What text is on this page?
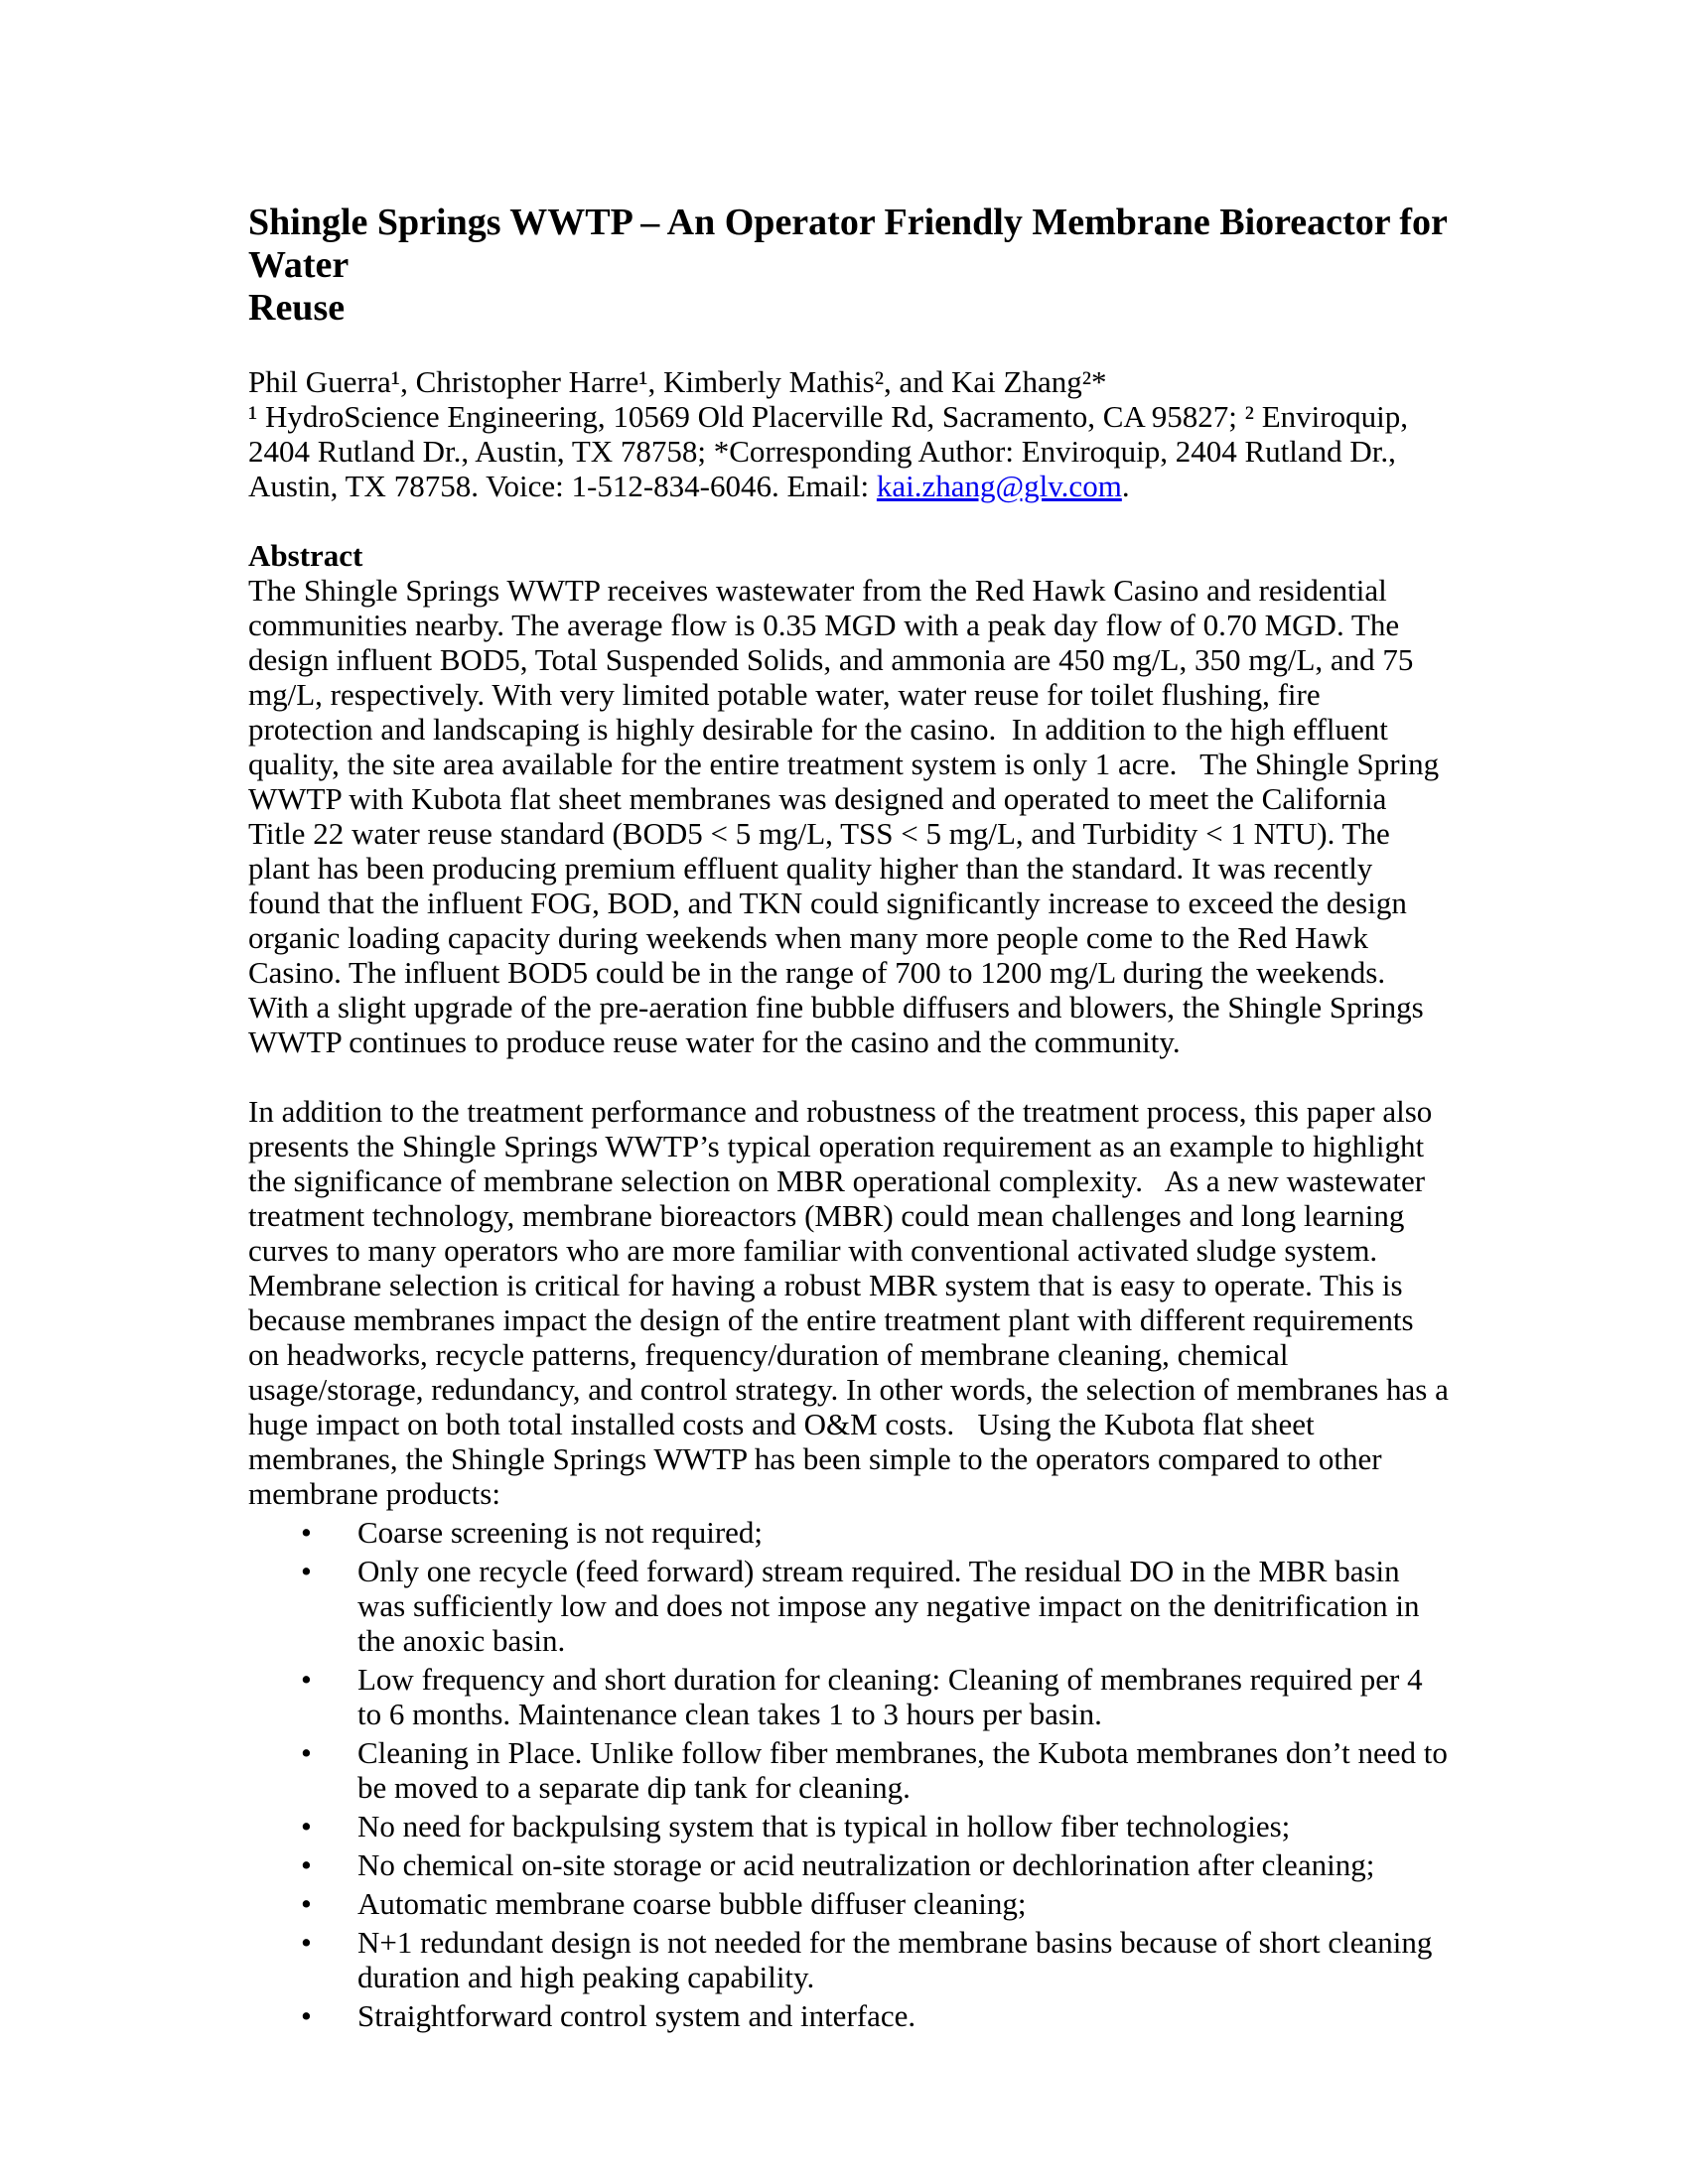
Shingle Springs WWTP – An Operator Friendly Membrane Bioreactor for Water
Reuse

Phil Guerra¹, Christopher Harre¹, Kimberly Mathis², and Kai Zhang²*

¹ HydroScience Engineering, 10569 Old Placerville Rd, Sacramento, CA 95827; ² Enviroquip, 2404 Rutland Dr., Austin, TX 78758; *Corresponding Author: Enviroquip, 2404 Rutland Dr., Austin, TX 78758. Voice: 1-512-834-6046. Email: kai.zhang@glv.com.

Abstract

The Shingle Springs WWTP receives wastewater from the Red Hawk Casino and residential communities nearby. The average flow is 0.35 MGD with a peak day flow of 0.70 MGD. The design influent BOD5, Total Suspended Solids, and ammonia are 450 mg/L, 350 mg/L, and 75 mg/L, respectively. With very limited potable water, water reuse for toilet flushing, fire protection and landscaping is highly desirable for the casino.  In addition to the high effluent quality, the site area available for the entire treatment system is only 1 acre.   The Shingle Spring WWTP with Kubota flat sheet membranes was designed and operated to meet the California Title 22 water reuse standard (BOD5 < 5 mg/L, TSS < 5 mg/L, and Turbidity < 1 NTU). The plant has been producing premium effluent quality higher than the standard. It was recently found that the influent FOG, BOD, and TKN could significantly increase to exceed the design organic loading capacity during weekends when many more people come to the Red Hawk Casino. The influent BOD5 could be in the range of 700 to 1200 mg/L during the weekends. With a slight upgrade of the pre-aeration fine bubble diffusers and blowers, the Shingle Springs WWTP continues to produce reuse water for the casino and the community.

In addition to the treatment performance and robustness of the treatment process, this paper also presents the Shingle Springs WWTP’s typical operation requirement as an example to highlight the significance of membrane selection on MBR operational complexity.   As a new wastewater treatment technology, membrane bioreactors (MBR) could mean challenges and long learning curves to many operators who are more familiar with conventional activated sludge system. Membrane selection is critical for having a robust MBR system that is easy to operate. This is because membranes impact the design of the entire treatment plant with different requirements on headworks, recycle patterns, frequency/duration of membrane cleaning, chemical usage/storage, redundancy, and control strategy. In other words, the selection of membranes has a huge impact on both total installed costs and O&M costs.   Using the Kubota flat sheet membranes, the Shingle Springs WWTP has been simple to the operators compared to other membrane products:

• Coarse screening is not required;
• Only one recycle (feed forward) stream required. The residual DO in the MBR basin was sufficiently low and does not impose any negative impact on the denitrification in the anoxic basin.
• Low frequency and short duration for cleaning: Cleaning of membranes required per 4 to 6 months. Maintenance clean takes 1 to 3 hours per basin.
• Cleaning in Place. Unlike follow fiber membranes, the Kubota membranes don’t need to be moved to a separate dip tank for cleaning.
• No need for backpulsing system that is typical in hollow fiber technologies;
• No chemical on-site storage or acid neutralization or dechlorination after cleaning;
• Automatic membrane coarse bubble diffuser cleaning;
• N+1 redundant design is not needed for the membrane basins because of short cleaning duration and high peaking capability.
• Straightforward control system and interface.
